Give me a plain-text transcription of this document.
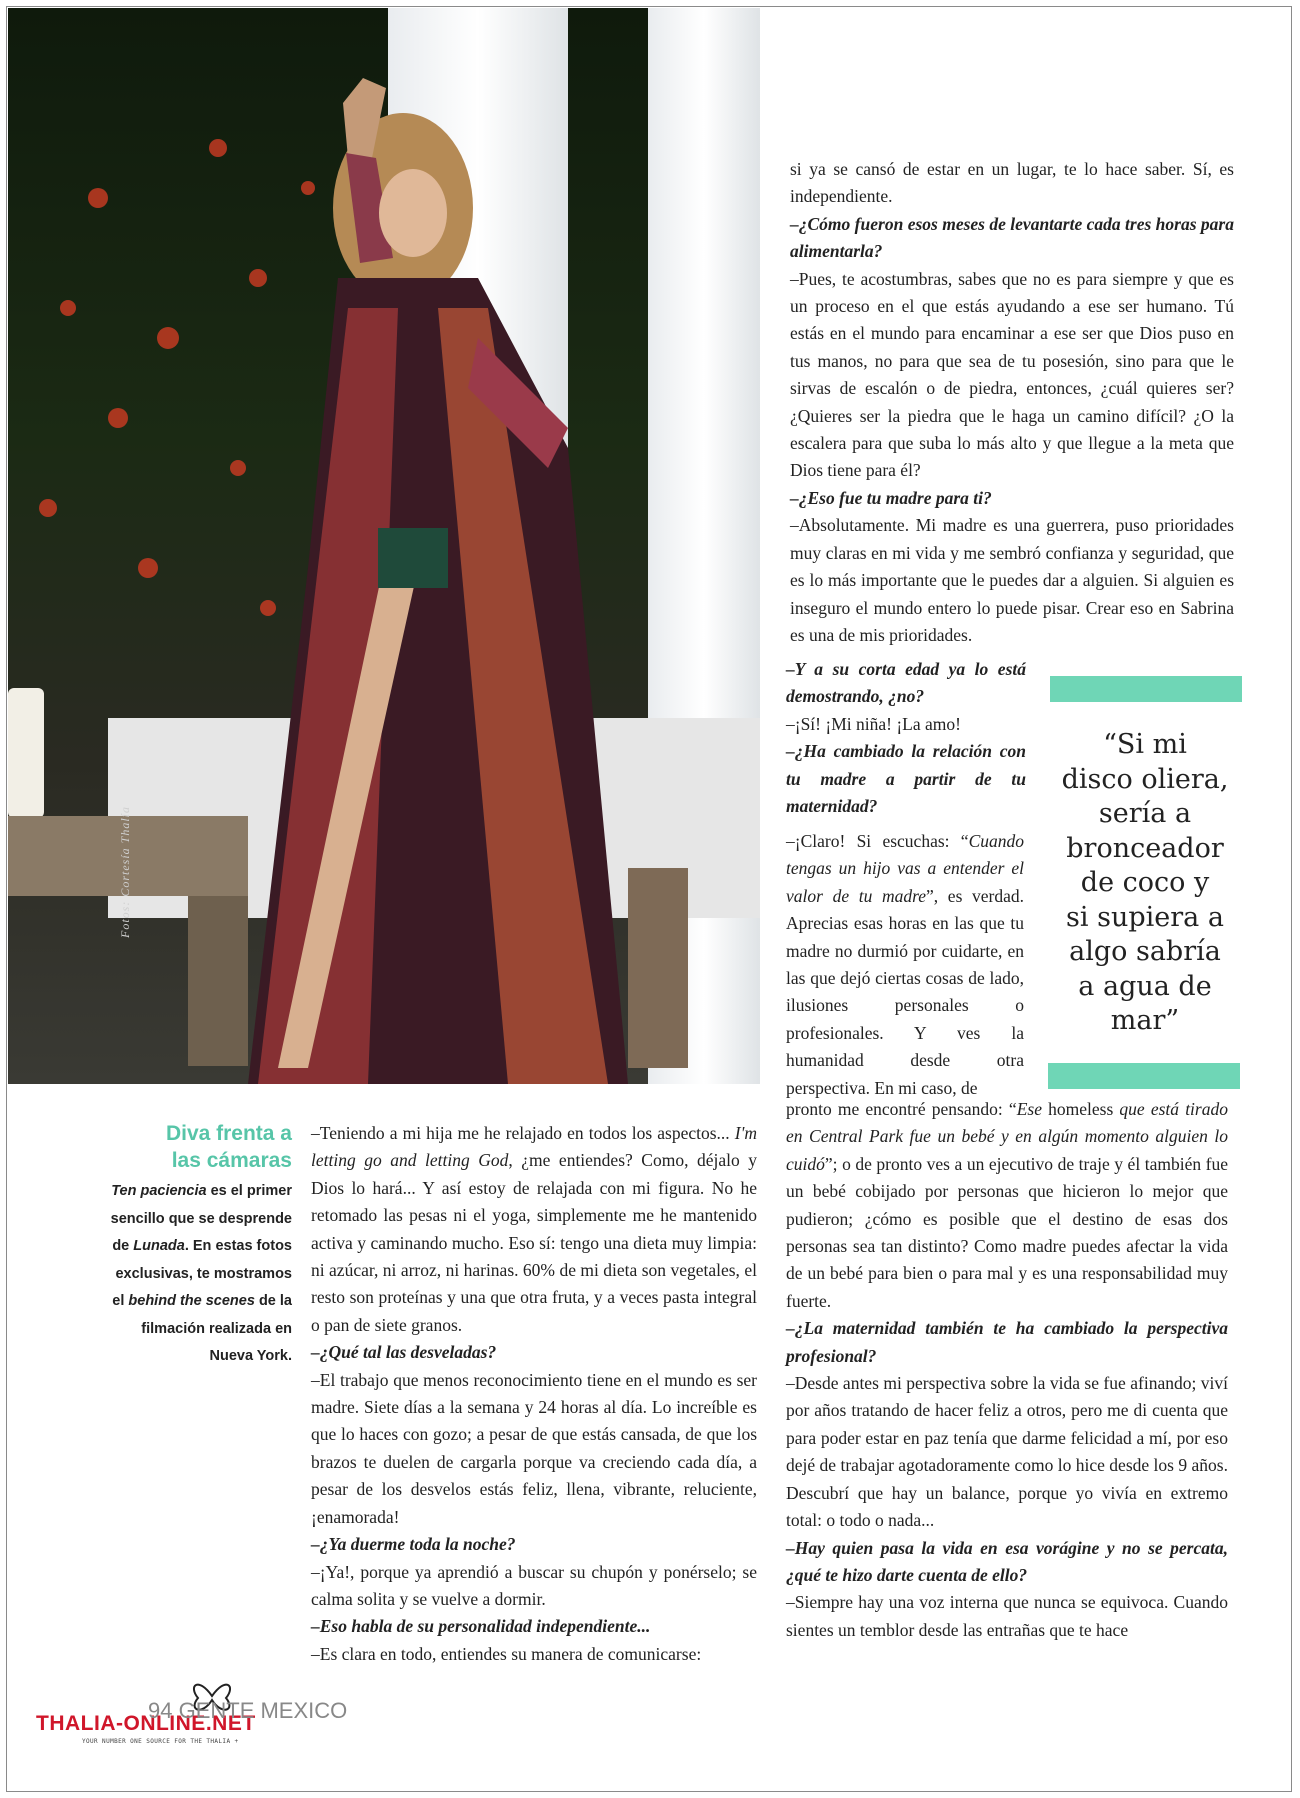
Fotos: Cortesía Thalía

si ya se cansó de estar en un lugar, te lo hace saber. Sí, es independiente.

–¿Cómo fueron esos meses de levantarte cada tres horas para alimentarla?

–Pues, te acostumbras, sabes que no es para siempre y que es un proceso en el que estás ayudando a ese ser humano. Tú estás en el mundo para encaminar a ese ser que Dios puso en tus manos, no para que sea de tu posesión, sino para que le sirvas de escalón o de piedra, entonces, ¿cuál quieres ser? ¿Quieres ser la piedra que le haga un camino difícil? ¿O la escalera para que suba lo más alto y que llegue a la meta que Dios tiene para él?

–¿Eso fue tu madre para ti?

–Absolutamente. Mi madre es una guerrera, puso prioridades muy claras en mi vida y me sembró confianza y seguridad, que es lo más importante que le puedes dar a alguien. Si alguien es inseguro el mundo entero lo puede pisar. Crear eso en Sabrina es una de mis prioridades.

“Si mi
disco oliera,
sería a
bronceador
de coco y
si supiera a
algo sabría
a agua de
mar”

–Y a su corta edad ya lo está demostrando, ¿no?

–¡Sí! ¡Mi niña! ¡La amo!

–¿Ha cambiado la relación con tu madre a partir de tu maternidad?

–¡Claro! Si escuchas: “Cuando tengas un hijo vas a entender el valor de tu madre”, es verdad. Aprecias esas horas en las que tu madre no durmió por cuidarte, en las que dejó ciertas cosas de lado, ilusiones personales o profesionales. Y ves la humanidad desde otra perspectiva. En mi caso, de

pronto me encontré pensando: “Ese homeless que está tirado en Central Park fue un bebé y en algún momento alguien lo cuidó”; o de pronto ves a un ejecutivo de traje y él también fue un bebé cobijado por personas que hicieron lo mejor que pudieron; ¿cómo es posible que el destino de esas dos personas sea tan distinto? Como madre puedes afectar la vida de un bebé para bien o para mal y es una responsabilidad muy fuerte.

–¿La maternidad también te ha cambiado la perspectiva profesional?

–Desde antes mi perspectiva sobre la vida se fue afinando; viví por años tratando de hacer feliz a otros, pero me di cuenta que para poder estar en paz tenía que darme felicidad a mí, por eso dejé de trabajar agotadoramente como lo hice desde los 9 años. Descubrí que hay un balance, porque yo vivía en extremo total: o todo o nada...

–Hay quien pasa la vida en esa vorágine y no se percata, ¿qué te hizo darte cuenta de ello?

–Siempre hay una voz interna que nunca se equivoca. Cuando sientes un temblor desde las entrañas que te hace

Diva frenta a
las cámaras
Ten paciencia es el primer sencillo que se desprende de Lunada. En estas fotos exclusivas, te mostramos el behind the scenes de la filmación realizada en Nueva York.

–Teniendo a mi hija me he relajado en todos los aspectos... I'm letting go and letting God, ¿me entiendes? Como, déjalo y Dios lo hará... Y así estoy de relajada con mi figura. No he retomado las pesas ni el yoga, simplemente me he mantenido activa y caminando mucho. Eso sí: tengo una dieta muy limpia: ni azúcar, ni arroz, ni harinas. 60% de mi dieta son vegetales, el resto son proteínas y una que otra fruta, y a veces pasta integral o pan de siete granos.

–¿Qué tal las desveladas?

–El trabajo que menos reconocimiento tiene en el mundo es ser madre. Siete días a la semana y 24 horas al día. Lo increíble es que lo haces con gozo; a pesar de que estás cansada, de que los brazos te duelen de cargarla porque va creciendo cada día, a pesar de los desvelos estás feliz, llena, vibrante, reluciente, ¡enamorada!

–¿Ya duerme toda la noche?

–¡Ya!, porque ya aprendió a buscar su chupón y ponérselo; se calma solita y se vuelve a dormir.

–Eso habla de su personalidad independiente...

–Es clara en todo, entiendes su manera de comunicarse:

THALIA-ONLINE.NET
YOUR NUMBER ONE SOURCE FOR THE THALIA +
94 GENTE MEXICO
